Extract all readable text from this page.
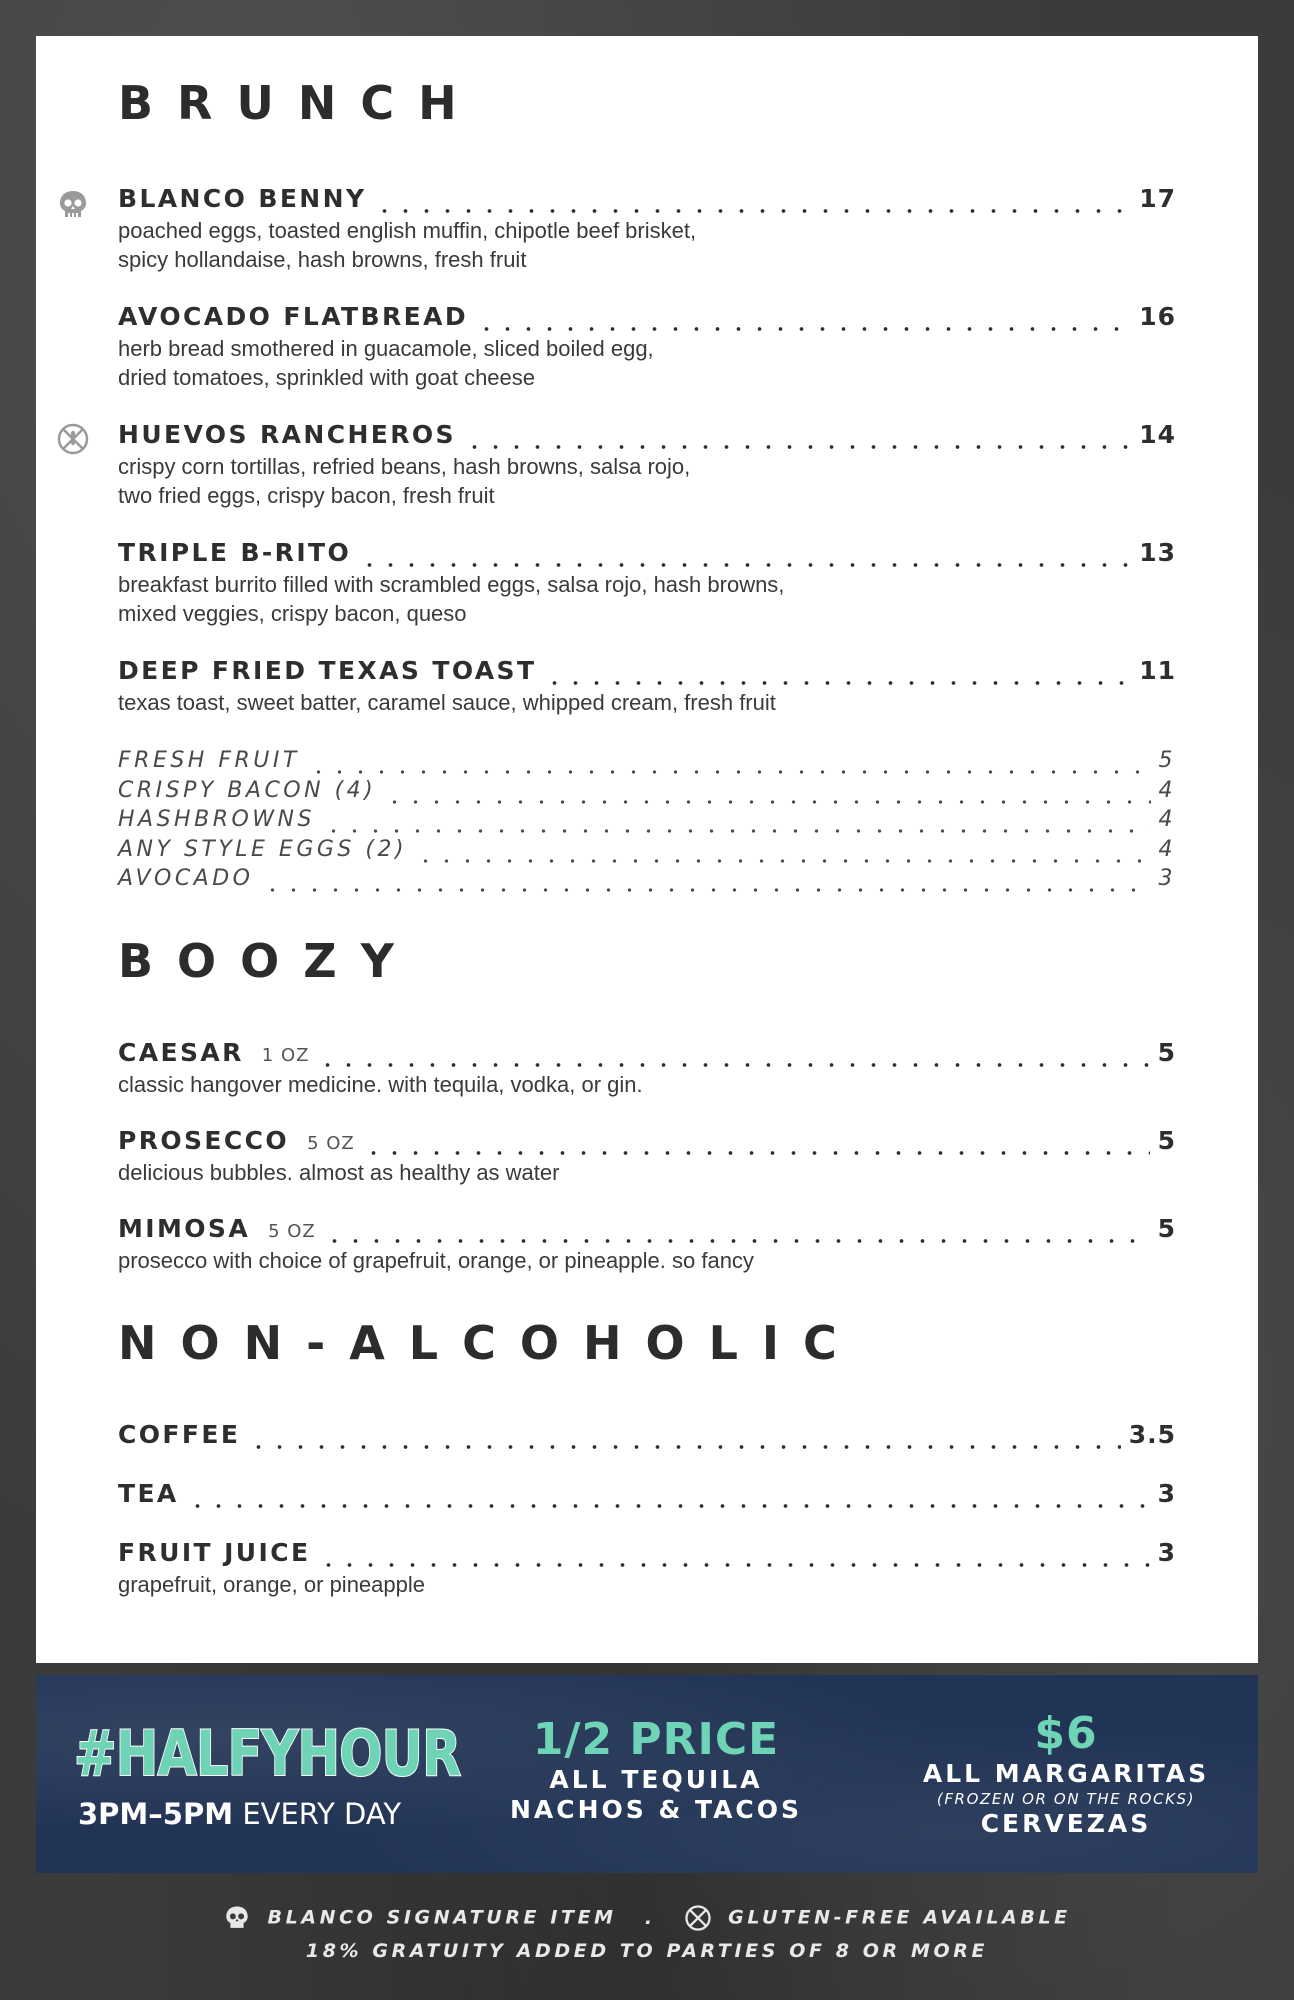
BRUNCH
BLANCO BENNY	17

poached eggs, toasted english muffin, chipotle beef brisket,
spicy hollandaise, hash browns, fresh fruit

AVOCADO FLATBREAD	16

herb bread smothered in guacamole, sliced boiled egg,
dried tomatoes, sprinkled with goat cheese

HUEVOS RANCHEROS	14

crispy corn tortillas, refried beans, hash browns, salsa rojo,
two fried eggs, crispy bacon, fresh fruit

TRIPLE B-RITO	13

breakfast burrito filled with scrambled eggs, salsa rojo, hash browns,
mixed veggies, crispy bacon, queso

DEEP FRIED TEXAS TOAST	11

texas toast, sweet batter, caramel sauce, whipped cream, fresh fruit

FRESH FRUIT	5
CRISPY BACON (4)	4
HASHBROWNS	4
ANY STYLE EGGS (2)	4
AVOCADO	3
BOOZY
CAESAR 1 OZ	5

classic hangover medicine. with tequila, vodka, or gin.

PROSECCO 5 OZ	5

delicious bubbles. almost as healthy as water

MIMOSA 5 OZ	5

prosecco with choice of grapefruit, orange, or pineapple. so fancy

NON-ALCOHOLIC
COFFEE	3.5
TEA	3
FRUIT JUICE	3

grapefruit, orange, or pineapple

#HALFYHOUR
3PM–5PM EVERY DAY
1/2 PRICE
ALL TEQUILA
NACHOS & TACOS
$6
ALL MARGARITAS
(FROZEN OR ON THE ROCKS)
CERVEZAS
BLANCO SIGNATURE ITEM .	GLUTEN-FREE AVAILABLE
18% GRATUITY ADDED TO PARTIES OF 8 OR MORE
